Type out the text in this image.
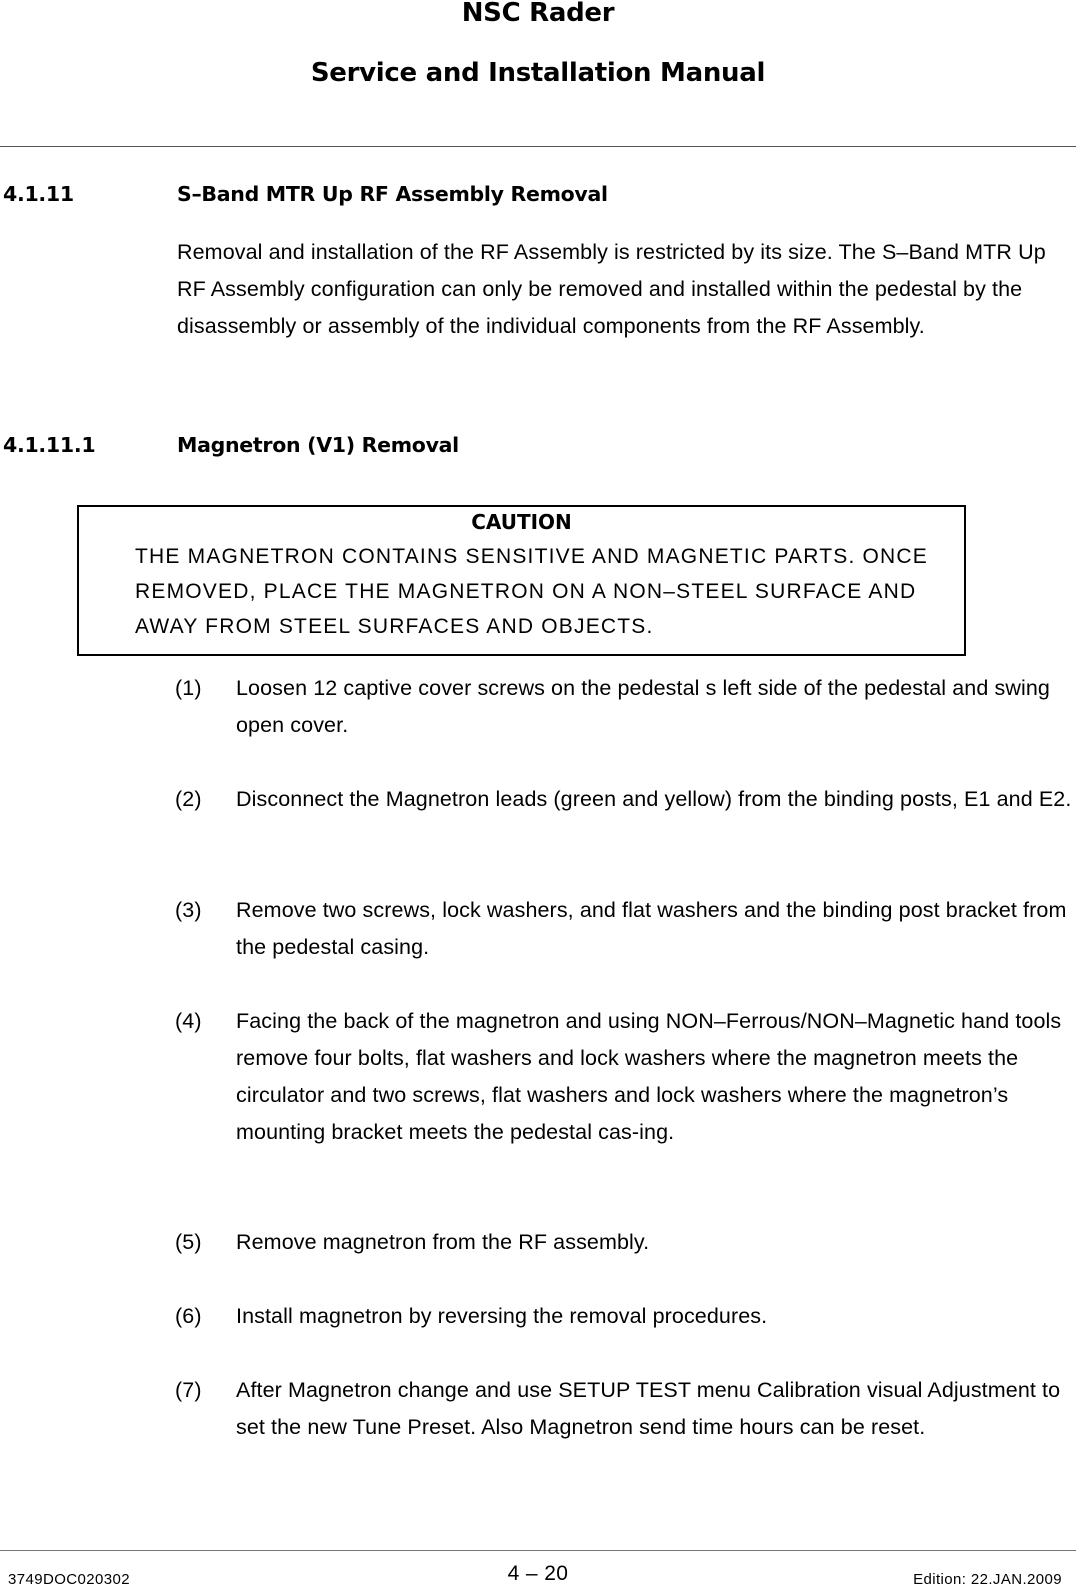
NSC Rader
Service and Installation Manual
4.1.11	S–Band MTR Up RF Assembly Removal
Removal and installation of the RF Assembly is restricted by its size. The S–Band MTR Up RF Assembly configuration can only be removed and installed within the pedestal by the disassembly or assembly of the individual components from the RF Assembly.
4.1.11.1	Magnetron (V1) Removal
CAUTION
THE MAGNETRON CONTAINS SENSITIVE AND MAGNETIC PARTS. ONCE REMOVED, PLACE THE MAGNETRON ON A NON–STEEL SURFACE AND AWAY FROM STEEL SURFACES AND OBJECTS.
(1) Loosen 12 captive cover screws on the pedestal s left side of the pedestal and swing open cover.
(2) Disconnect the Magnetron leads (green and yellow) from the binding posts, E1 and E2.
(3) Remove two screws, lock washers, and flat washers and the binding post bracket from the pedestal casing.
(4) Facing the back of the magnetron and using NON–Ferrous/NON–Magnetic hand tools remove four bolts, flat washers and lock washers where the magnetron meets the circulator and two screws, flat washers and lock washers where the magnetron’s mounting bracket meets the pedestal cas-ing.
(5) Remove magnetron from the RF assembly.
(6) Install magnetron by reversing the removal procedures.
(7) After Magnetron change and use SETUP TEST menu Calibration visual Adjustment to set the new Tune Preset. Also Magnetron send time hours can be reset.
3749DOC020302	4 – 20	Edition: 22.JAN.2009
